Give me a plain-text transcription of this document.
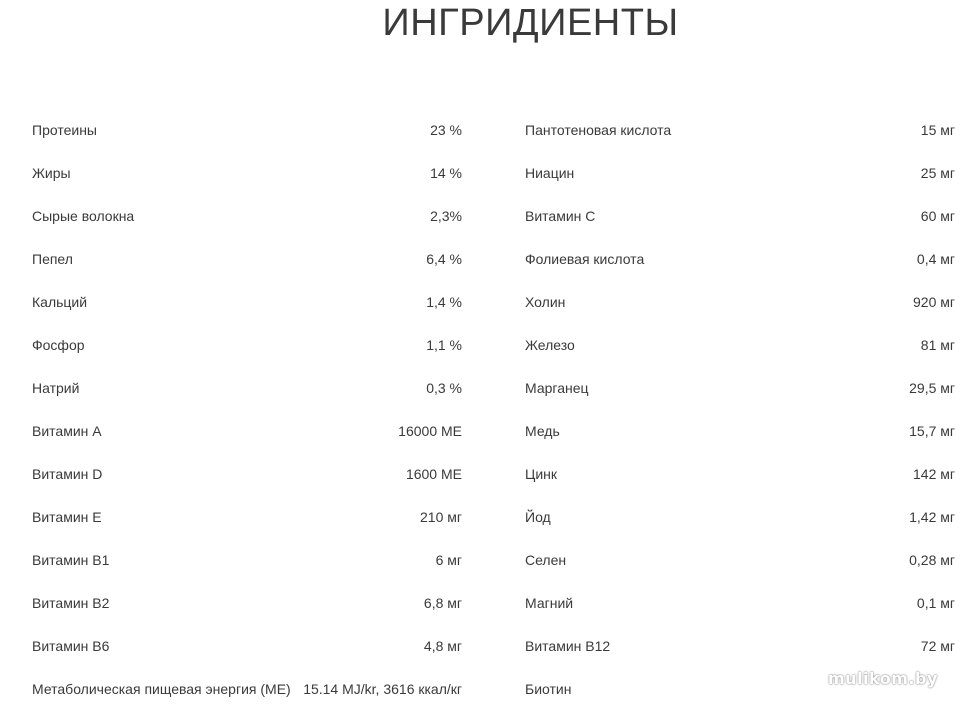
ИНГРИДИЕНТЫ
Протеины	23 %
Жиры	14 %
Сырые волокна	2,3%
Пепел	6,4 %
Кальций	1,4 %
Фосфор	1,1 %
Натрий	0,3 %
Витамин A	16000 ME
Витамин D	1600 ME
Витамин E	210 мг
Витамин B1	6 мг
Витамин B2	6,8 мг
Витамин B6	4,8 мг
Метаболическая пищевая энергия (ME) 15.14 MJ/kr, 3616 ккал/кг
Пантотеновая кислота	15 мг
Ниацин	25 мг
Витамин C	60 мг
Фолиевая кислота	0,4 мг
Холин	920 мг
Железо	81 мг
Марганец	29,5 мг
Медь	15,7 мг
Цинк	142 мг
Йод	1,42 мг
Селен	0,28 мг
Магний	0,1 мг
Витамин B12	72 мг
Биотин
mulikom.by
